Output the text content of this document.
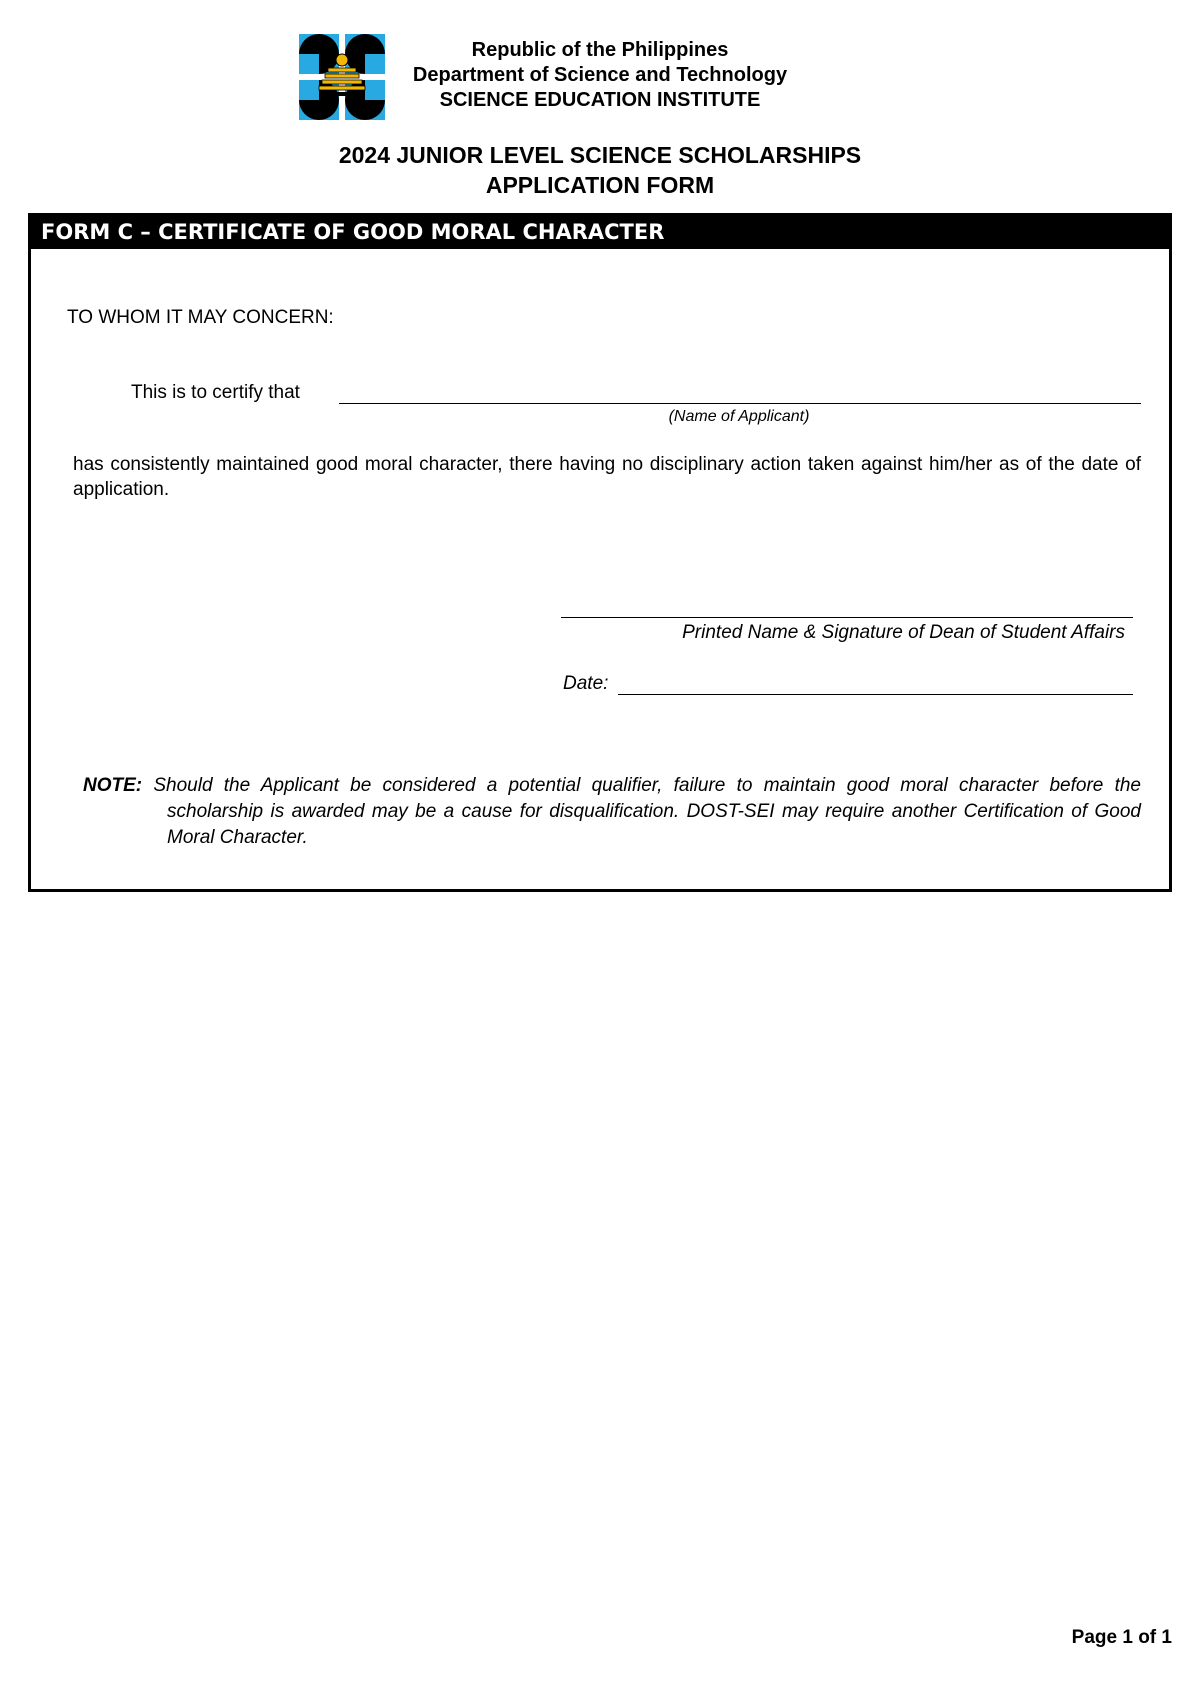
Republic of the Philippines
Department of Science and Technology
SCIENCE EDUCATION INSTITUTE
2024 JUNIOR LEVEL SCIENCE SCHOLARSHIPS
APPLICATION FORM
FORM C – CERTIFICATE OF GOOD MORAL CHARACTER
TO WHOM IT MAY CONCERN:
This is to certify that
(Name of Applicant)
has consistently maintained good moral character, there having no disciplinary action taken against him/her as of the date of application.
Printed Name & Signature of Dean of Student Affairs
Date:
NOTE: Should the Applicant be considered a potential qualifier, failure to maintain good moral character before the scholarship is awarded may be a cause for disqualification. DOST-SEI may require another Certification of Good Moral Character.
Page 1 of 1
